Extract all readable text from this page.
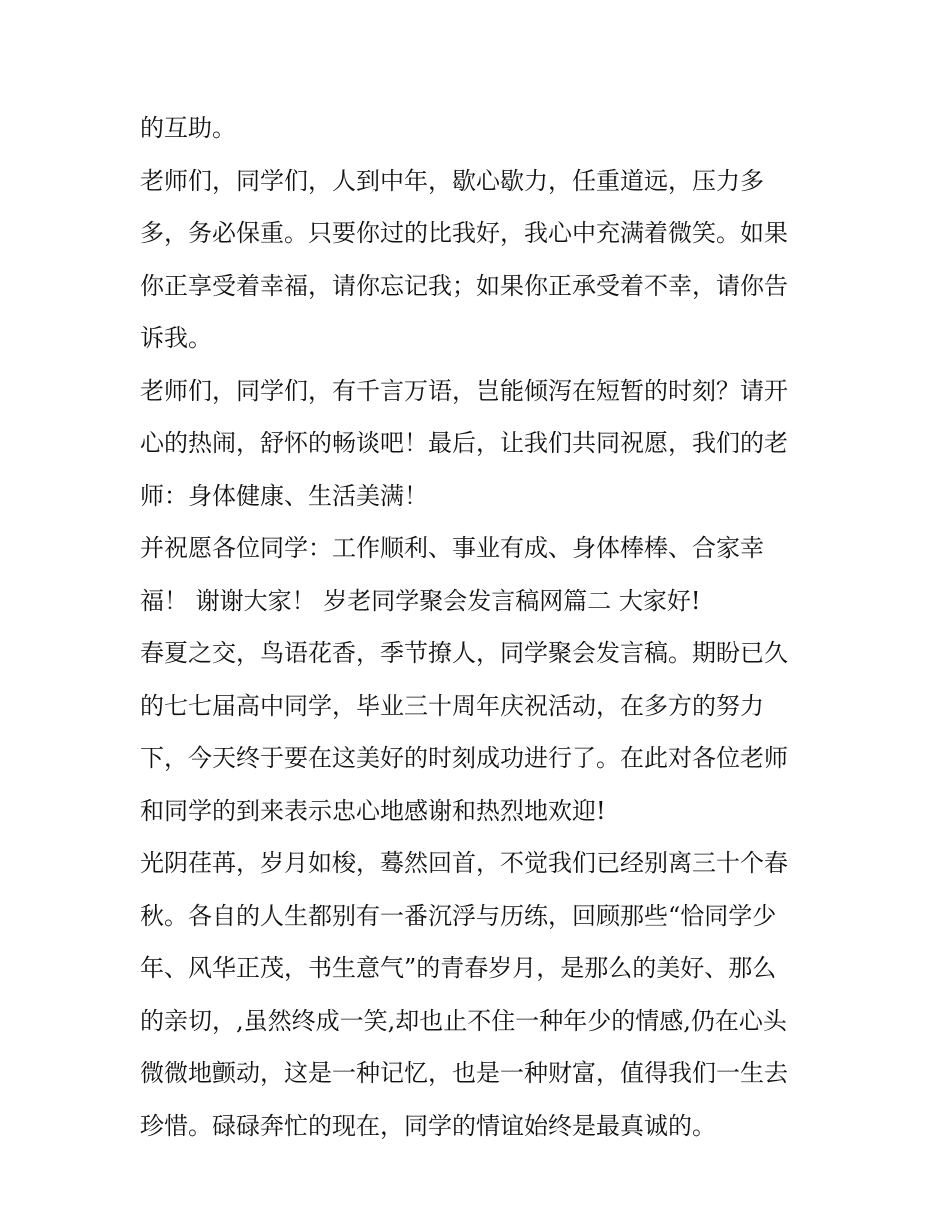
的互助。
老师们，同学们，人到中年，歇心歇力，任重道远，压力多
多，务必保重。只要你过的比我好，我心中充满着微笑。如果
你正享受着幸福，请你忘记我；如果你正承受着不幸，请你告
诉我。
老师们，同学们，有千言万语，岂能倾泻在短暂的时刻？请开
心的热闹，舒怀的畅谈吧！最后，让我们共同祝愿，我们的老
师：身体健康、生活美满！
并祝愿各位同学：工作顺利、事业有成、身体棒棒、合家幸
福！ 谢谢大家！ 岁老同学聚会发言稿网篇二 大家好!
春夏之交，鸟语花香，季节撩人，同学聚会发言稿。期盼已久
的七七届高中同学，毕业三十周年庆祝活动，在多方的努力
下，今天终于要在这美好的时刻成功进行了。在此对各位老师
和同学的到来表示忠心地感谢和热烈地欢迎!
光阴荏苒，岁月如梭，蓦然回首，不觉我们已经别离三十个春
秋。各自的人生都别有一番沉浮与历练，回顾那些“恰同学少
年、风华正茂，书生意气”的青春岁月，是那么的美好、那么
的亲切，,虽然终成一笑,却也止不住一种年少的情感,仍在心头
微微地颤动，这是一种记忆，也是一种财富，值得我们一生去
珍惜。碌碌奔忙的现在，同学的情谊始终是最真诚的。
